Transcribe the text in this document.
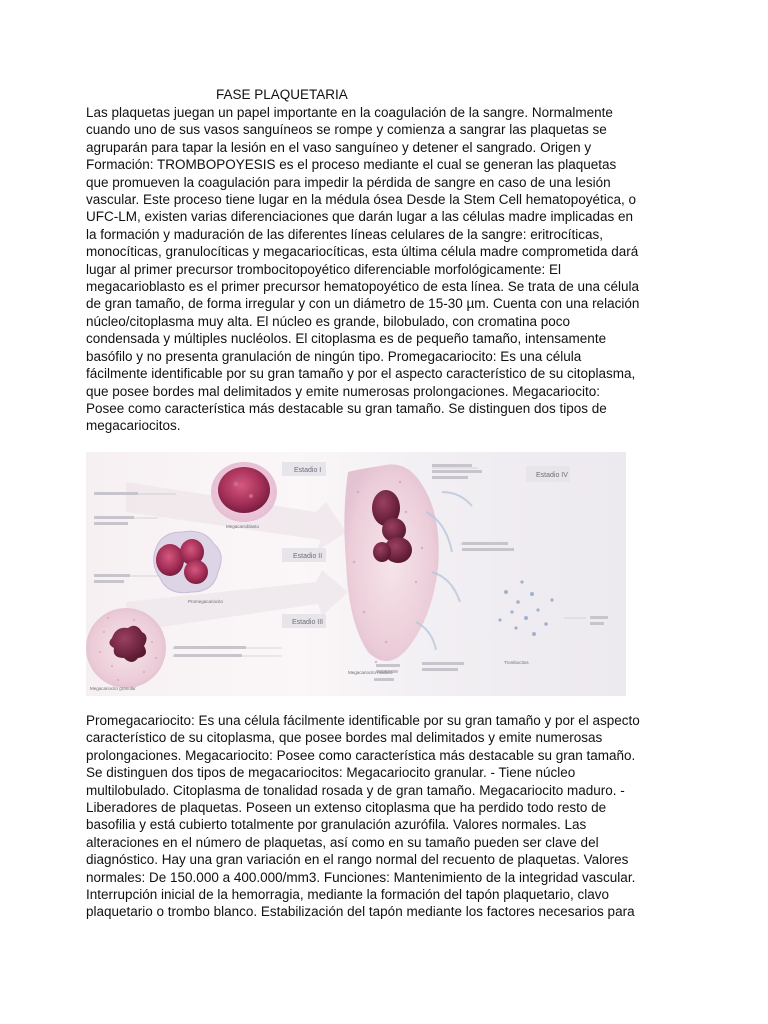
FASE PLAQUETARIA
Las plaquetas juegan un papel importante en la coagulación de la sangre. Normalmente
cuando uno de sus vasos sanguíneos se rompe y comienza a sangrar las plaquetas se
agruparán para tapar la lesión en el vaso sanguíneo y detener el sangrado. Origen y
Formación: TROMBOPOYESIS es el proceso mediante el cual se generan las plaquetas
que promueven la coagulación para impedir la pérdida de sangre en caso de una lesión
vascular. Este proceso tiene lugar en la médula ósea Desde la Stem Cell hematopoyética, o
UFC-LM, existen varias diferenciaciones que darán lugar a las células madre implicadas en
la formación y maduración de las diferentes líneas celulares de la sangre: eritrocíticas,
monocíticas, granulocíticas y megacariocíticas, esta última célula madre comprometida dará
lugar al primer precursor trombocitopoyético diferenciable morfológicamente: El
megacarioblasto es el primer precursor hematopoyético de esta línea. Se trata de una célula
de gran tamaño, de forma irregular y con un diámetro de 15-30 µm. Cuenta con una relación
núcleo/citoplasma muy alta. El núcleo es grande, bilobulado, con cromatina poco
condensada y múltiples nucléolos. El citoplasma es de pequeño tamaño, intensamente
basófilo y no presenta granulación de ningún tipo. Promegacariocito: Es una célula
fácilmente identificable por su gran tamaño y por el aspecto característico de su citoplasma,
que posee bordes mal delimitados y emite numerosas prolongaciones. Megacariocito:
Posee como característica más destacable su gran tamaño. Se distinguen dos tipos de
megacariocitos.
Estadio I
Estadio II
Estadio III
Estadio IV
Megacarioblasto
Promegacariocito
Megacariocito granular
Megacariocito maduro
Trombocitos
Promegacariocito: Es una célula fácilmente identificable por su gran tamaño y por el aspecto
característico de su citoplasma, que posee bordes mal delimitados y emite numerosas
prolongaciones. Megacariocito: Posee como característica más destacable su gran tamaño.
Se distinguen dos tipos de megacariocitos: Megacariocito granular. - Tiene núcleo
multilobulado. Citoplasma de tonalidad rosada y de gran tamaño. Megacariocito maduro. -
Liberadores de plaquetas. Poseen un extenso citoplasma que ha perdido todo resto de
basofilia y está cubierto totalmente por granulación azurófila. Valores normales. Las
alteraciones en el número de plaquetas, así como en su tamaño pueden ser clave del
diagnóstico. Hay una gran variación en el rango normal del recuento de plaquetas. Valores
normales: De 150.000 a 400.000/mm3. Funciones: Mantenimiento de la integridad vascular.
Interrupción inicial de la hemorragia, mediante la formación del tapón plaquetario, clavo
plaquetario o trombo blanco. Estabilización del tapón mediante los factores necesarios para
